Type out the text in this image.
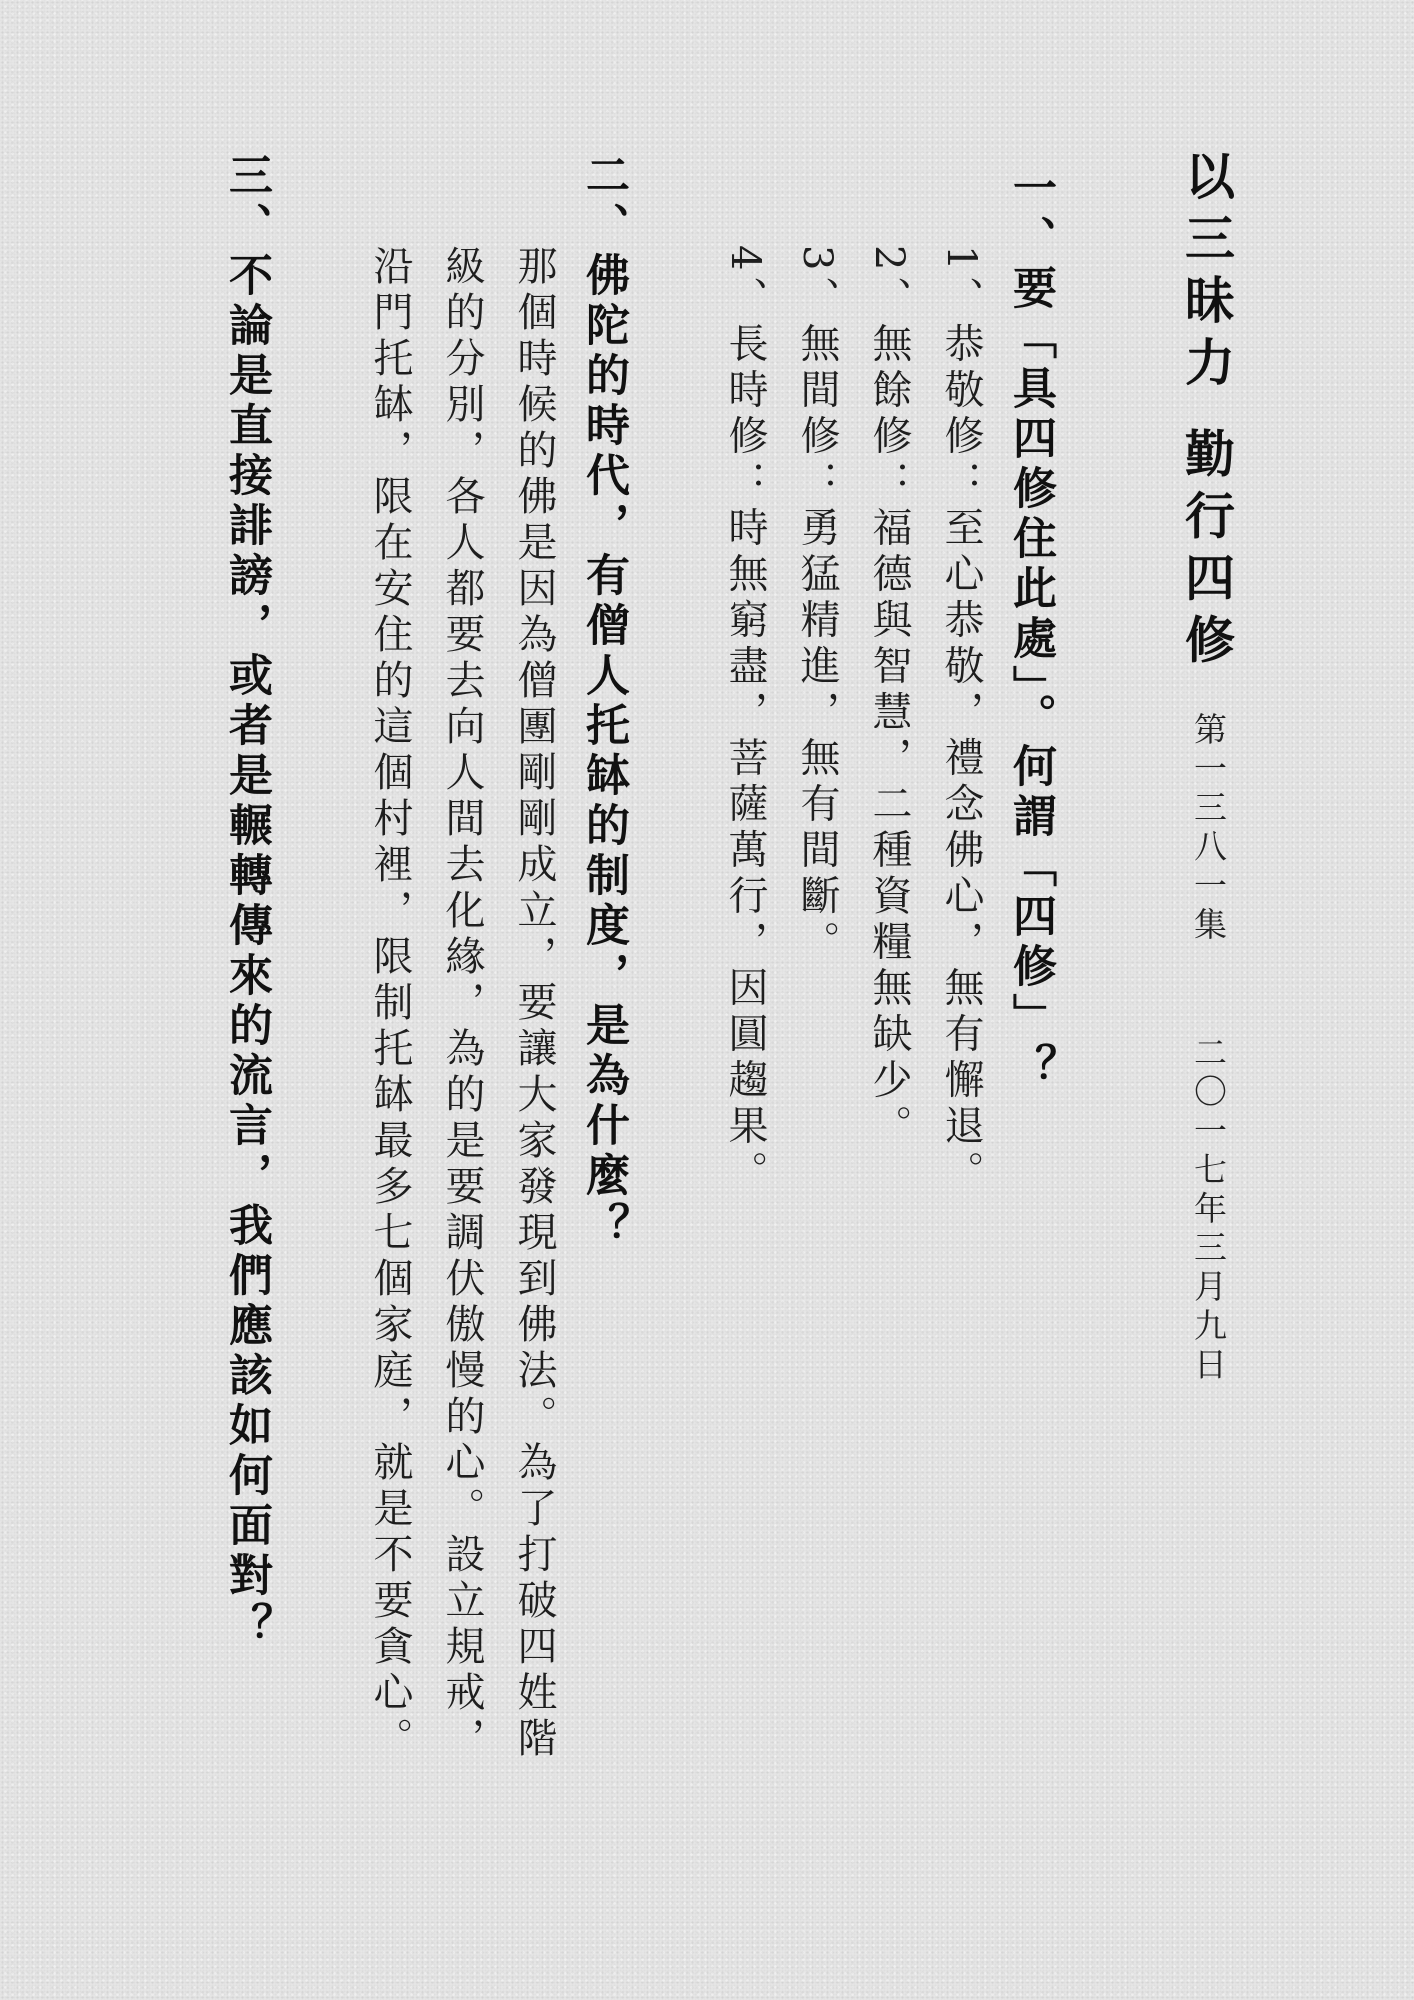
以三昧力 勤行四修
第一三八一集
二〇一七年三月九日
一、要「具四修住此處」。何謂「四修」？
1、恭敬修：至心恭敬，禮念佛心，無有懈退。
2、無餘修：福德與智慧，二種資糧無缺少。
3、無間修：勇猛精進，無有間斷。
4、長時修：時無窮盡，菩薩萬行，因圓趨果。
二、佛陀的時代，有僧人托缽的制度，是為什麼？
那個時候的佛是因為僧團剛剛成立，要讓大家發現到佛法。為了打破四姓階
級的分別，各人都要去向人間去化緣，為的是要調伏傲慢的心。設立規戒，
沿門托缽，限在安住的這個村裡，限制托缽最多七個家庭，就是不要貪心。
三、不論是直接誹謗，或者是輾轉傳來的流言，我們應該如何面對？
